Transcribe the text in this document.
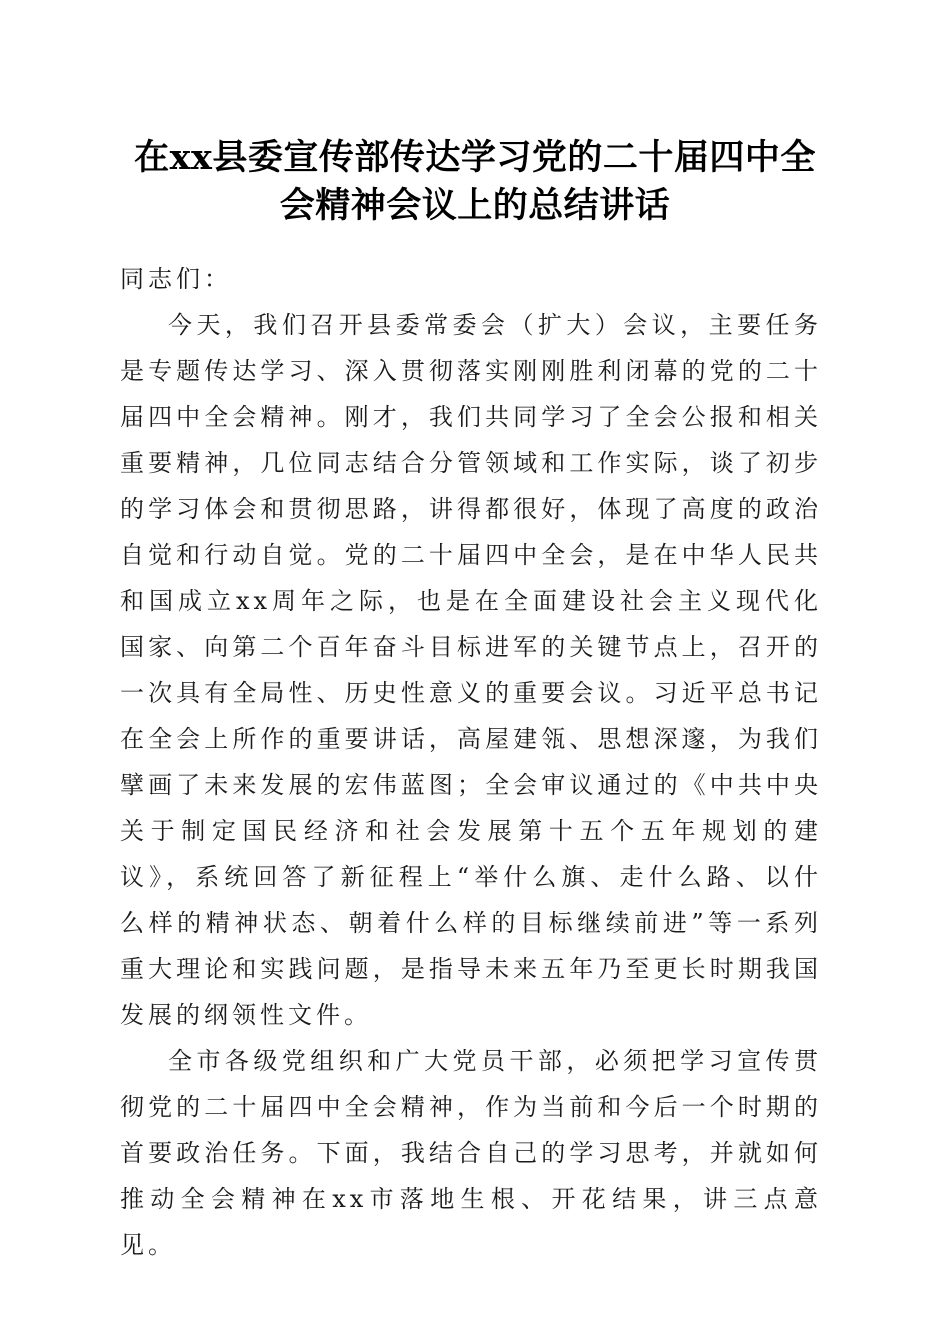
在xx县委宣传部传达学习党的二十届四中全会精神会议上的总结讲话

同志们：

今天，我们召开县委常委会（扩大）会议，主要任务是专题传达学习、深入贯彻落实刚刚胜利闭幕的党的二十届四中全会精神。刚才，我们共同学习了全会公报和相关重要精神，几位同志结合分管领域和工作实际，谈了初步的学习体会和贯彻思路，讲得都很好，体现了高度的政治自觉和行动自觉。党的二十届四中全会，是在中华人民共和国成立xx周年之际，也是在全面建设社会主义现代化国家、向第二个百年奋斗目标进军的关键节点上，召开的一次具有全局性、历史性意义的重要会议。习近平总书记在全会上所作的重要讲话，高屋建瓴、思想深邃，为我们擘画了未来发展的宏伟蓝图；全会审议通过的《中共中央关于制定国民经济和社会发展第十五个五年规划的建议》，系统回答了新征程上“举什么旗、走什么路、以什么样的精神状态、朝着什么样的目标继续前进”等一系列重大理论和实践问题，是指导未来五年乃至更长时期我国发展的纲领性文件。

全市各级党组织和广大党员干部，必须把学习宣传贯彻党的二十届四中全会精神，作为当前和今后一个时期的首要政治任务。下面，我结合自己的学习思考，并就如何推动全会精神在xx市落地生根、开花结果，讲三点意见。
